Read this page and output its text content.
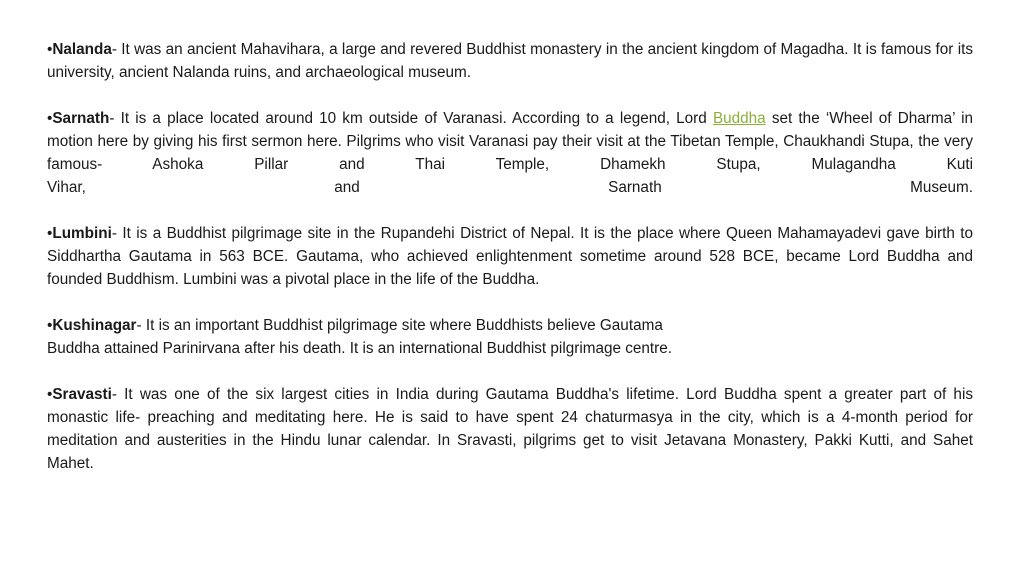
•Nalanda- It was an ancient Mahavihara, a large and revered Buddhist monastery in the ancient kingdom of Magadha. It is famous for its university, ancient Nalanda ruins, and archaeological museum.

•Sarnath- It is a place located around 10 km outside of Varanasi. According to a legend, Lord Buddha set the ‘Wheel of Dharma’ in motion here by giving his first sermon here. Pilgrims who visit Varanasi pay their visit at the Tibetan Temple, Chaukhandi Stupa, the very famous- Ashoka Pillar and Thai Temple, Dhamekh Stupa, Mulagandha Kuti
Vihar,	and	Sarnath	Museum.

•Lumbini- It is a Buddhist pilgrimage site in the Rupandehi District of Nepal. It is the place where Queen Mahamayadevi gave birth to Siddhartha Gautama in 563 BCE. Gautama, who achieved enlightenment sometime around 528 BCE, became Lord Buddha and founded Buddhism. Lumbini was a pivotal place in the life of the Buddha.

•Kushinagar- It is an important Buddhist pilgrimage site where Buddhists believe Gautama
Buddha attained Parinirvana after his death. It is an international Buddhist pilgrimage centre.

•Sravasti- It was one of the six largest cities in India during Gautama Buddha's lifetime. Lord Buddha spent a greater part of his monastic life- preaching and meditating here. He is said to have spent 24 chaturmasya in the city, which is a 4-month period for meditation and austerities in the Hindu lunar calendar. In Sravasti, pilgrims get to visit Jetavana Monastery, Pakki Kutti, and Sahet Mahet.
